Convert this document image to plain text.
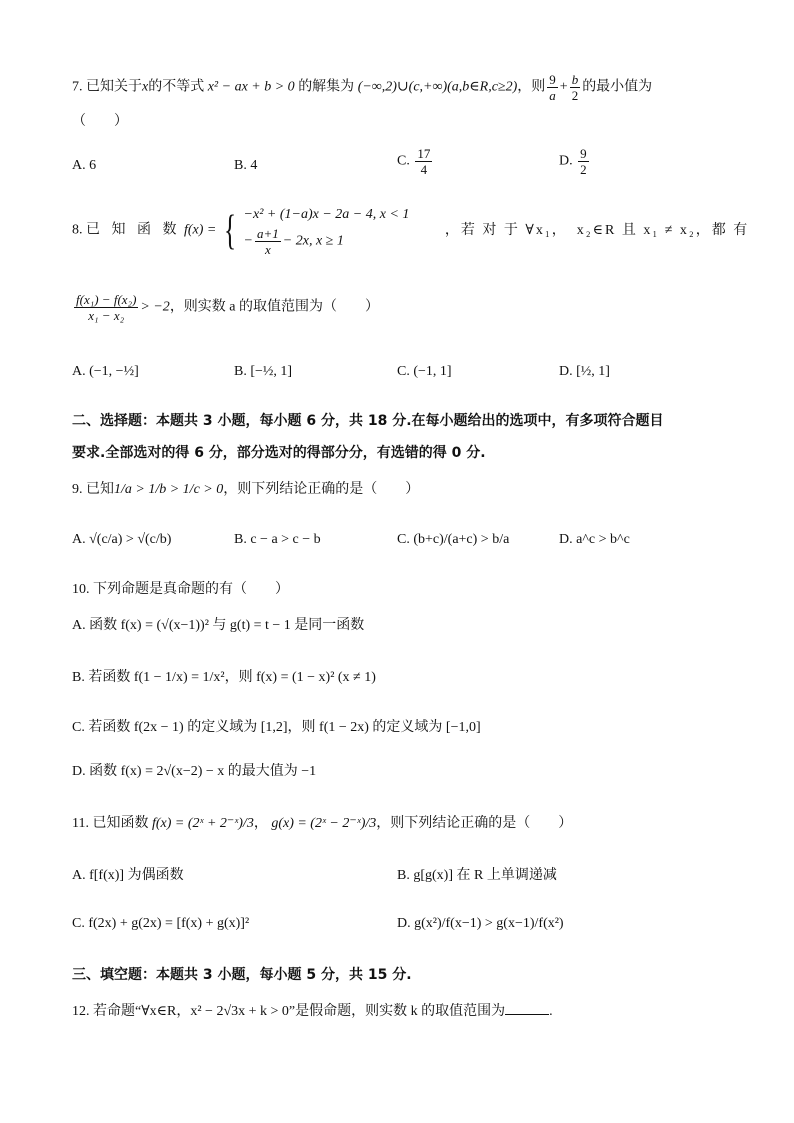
7. 已知关于x的不等式 x² − ax + b > 0 的解集为 (−∞,2)∪(c,+∞)(a,b∈R,c≥2)，则 $\frac{9}{a} + \frac{b}{2}$ 的最小值为
（　　）
A. 6	B. 4	C. $\frac{17}{4}$	D. $\frac{9}{2}$
8. 已 知 函 数 f(x) = { −x² + (1−a)x − 2a − 4, x < 1
− $\frac{a+1}{x} - 2x$, x ≥ 1
，若 对 于 ∀x₁，　x₂∈R 且 x₁ ≠ x₂，都 有
$\frac{\text{f(x₁) − f(x₂)}}{\text{x₁ − x₂}} > -2$，则实数 a 的取值范围为（　　）
A. (−1, −½]	B. [−½, 1]	C. (−1, 1]	D. [½, 1]
二、选择题：本题共 3 小题，每小题 6 分，共 18 分.在每小题给出的选项中，有多项符合题目
要求.全部选对的得 6 分，部分选对的得部分分，有选错的得 0 分.
9. 已知1/a > 1/b > 1/c > 0，则下列结论正确的是（　　）
A. √(c/a) > √(c/b)	B. c − a > c − b	C. (b+c)/(a+c) > b/a	D. a^c > b^c
10. 下列命题是真命题的有（　　）
A. 函数 f(x) = (√(x−1))² 与 g(t) = t − 1 是同一函数
B. 若函数 f(1 − 1/x) = 1/x²，则 f(x) = (1 − x)² (x ≠ 1)
C. 若函数 f(2x − 1) 的定义域为 [1,2]，则 f(1 − 2x) 的定义域为 [−1,0]
D. 函数 f(x) = 2√(x−2) − x 的最大值为 −1
11. 已知函数 f(x) = (2ˣ + 2⁻ˣ)/3， g(x) = (2ˣ − 2⁻ˣ)/3，则下列结论正确的是（　　）
A. f[f(x)] 为偶函数	B. g[g(x)] 在 R 上单调递减
C. f(2x) + g(2x) = [f(x) + g(x)]²	D. g(x²)/f(x−1) > g(x−1)/f(x²)
三、填空题：本题共 3 小题，每小题 5 分，共 15 分.
12. 若命题“∀x∈R，x² − 2√3x + k > 0”是假命题，则实数 k 的取值范围为	.
